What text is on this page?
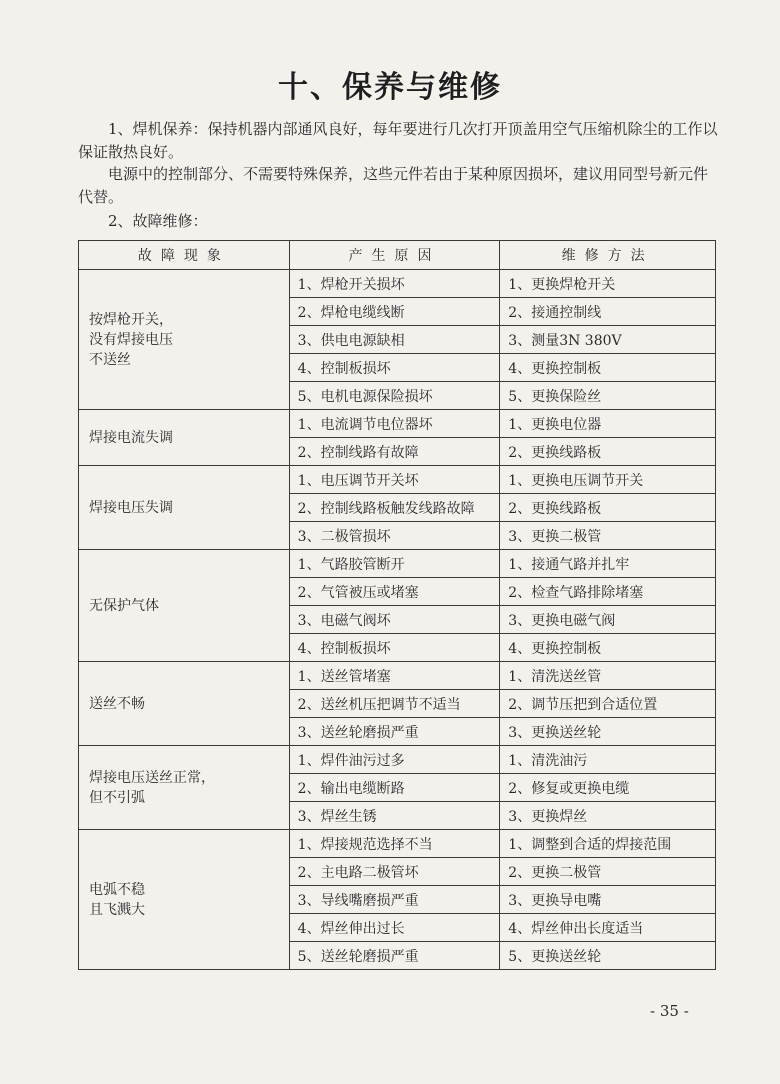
十、保养与维修

1、焊机保养：保持机器内部通风良好，每年要进行几次打开顶盖用空气压缩机除尘的工作以保证散热良好。

电源中的控制部分、不需要特殊保养，这些元件若由于某种原因损坏，建议用同型号新元件代替。

2、故障维修：

故障现象	产生原因	维修方法
按焊枪开关，
没有焊接电压
不送丝	1、焊枪开关损坏	1、更换焊枪开关
	2、焊枪电缆线断	2、接通控制线
	3、供电电源缺相	3、测量3N 380V
	4、控制板损坏	4、更换控制板
	5、电机电源保险损坏	5、更换保险丝
焊接电流失调	1、电流调节电位器坏	1、更换电位器
	2、控制线路有故障	2、更换线路板
焊接电压失调	1、电压调节开关坏	1、更换电压调节开关
	2、控制线路板触发线路故障	2、更换线路板
	3、二极管损坏	3、更换二极管
无保护气体	1、气路胶管断开	1、接通气路并扎牢
	2、气管被压或堵塞	2、检查气路排除堵塞
	3、电磁气阀坏	3、更换电磁气阀
	4、控制板损坏	4、更换控制板
送丝不畅	1、送丝管堵塞	1、清洗送丝管
	2、送丝机压把调节不适当	2、调节压把到合适位置
	3、送丝轮磨损严重	3、更换送丝轮
焊接电压送丝正常，
但不引弧	1、焊件油污过多	1、清洗油污
	2、输出电缆断路	2、修复或更换电缆
	3、焊丝生锈	3、更换焊丝
电弧不稳
且飞溅大	1、焊接规范选择不当	1、调整到合适的焊接范围
	2、主电路二极管坏	2、更换二极管
	3、导线嘴磨损严重	3、更换导电嘴
	4、焊丝伸出过长	4、焊丝伸出长度适当
	5、送丝轮磨损严重	5、更换送丝轮
- 35 -
